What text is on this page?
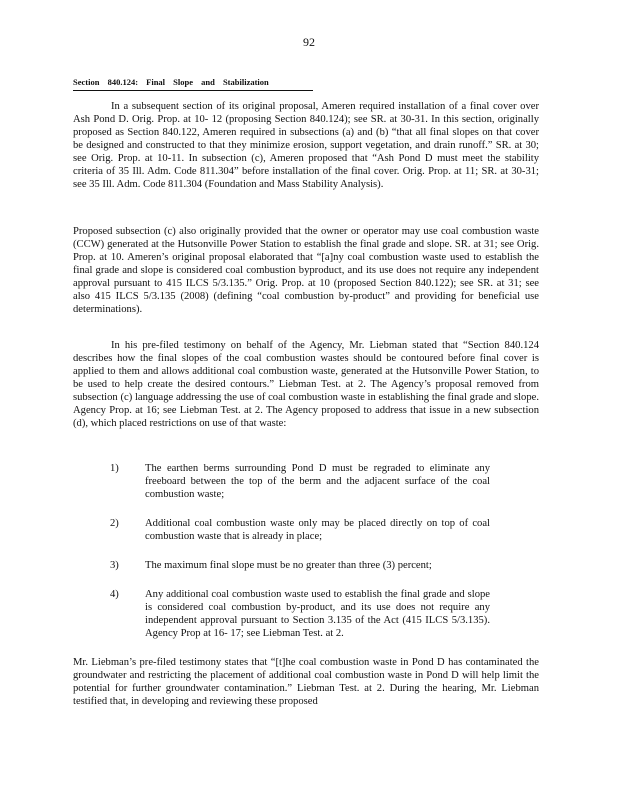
92
Section 840.124: Final Slope and Stabilization

In a subsequent section of its original proposal, Ameren required installation of a final cover over Ash Pond D. Orig. Prop. at 10- 12 (proposing Section 840.124); see SR. at 30-31. In this section, originally proposed as Section 840.122, Ameren required in subsections (a) and (b) “that all final slopes on that cover be designed and constructed to that they minimize erosion, support vegetation, and drain runoff.” SR. at 30; see Orig. Prop. at 10-11. In subsection (c), Ameren proposed that “Ash Pond D must meet the stability criteria of 35 Ill. Adm. Code 811.304” before installation of the final cover. Orig. Prop. at 11; SR. at 30-31; see 35 Ill. Adm. Code 811.304 (Foundation and Mass Stability Analysis).

Proposed subsection (c) also originally provided that the owner or operator may use coal combustion waste (CCW) generated at the Hutsonville Power Station to establish the final grade and slope. SR. at 31; see Orig. Prop. at 10. Ameren’s original proposal elaborated that “[a]ny coal combustion waste used to establish the final grade and slope is considered coal combustion byproduct, and its use does not require any independent approval pursuant to 415 ILCS 5/3.135.” Orig. Prop. at 10 (proposed Section 840.122); see SR. at 31; see also 415 ILCS 5/3.135 (2008) (defining “coal combustion by-product” and providing for beneficial use determinations).

In his pre-filed testimony on behalf of the Agency, Mr. Liebman stated that “Section 840.124 describes how the final slopes of the coal combustion wastes should be contoured before final cover is applied to them and allows additional coal combustion waste, generated at the Hutsonville Power Station, to be used to help create the desired contours.” Liebman Test. at 2. The Agency’s proposal removed from subsection (c) language addressing the use of coal combustion waste in establishing the final grade and slope. Agency Prop. at 16; see Liebman Test. at 2. The Agency proposed to address that issue in a new subsection (d), which placed restrictions on use of that waste:

1)	The earthen berms surrounding Pond D must be regraded to eliminate any freeboard between the top of the berm and the adjacent surface of the coal combustion waste;
2)	Additional coal combustion waste only may be placed directly on top of coal combustion waste that is already in place;
3)	The maximum final slope must be no greater than three (3) percent;
4)	Any additional coal combustion waste used to establish the final grade and slope is considered coal combustion by-product, and its use does not require any independent approval pursuant to Section 3.135 of the Act (415 ILCS 5/3.135). Agency Prop at 16- 17; see Liebman Test. at 2.

Mr. Liebman’s pre-filed testimony states that “[t]he coal combustion waste in Pond D has contaminated the groundwater and restricting the placement of additional coal combustion waste in Pond D will help limit the potential for further groundwater contamination.” Liebman Test. at 2. During the hearing, Mr. Liebman testified that, in developing and reviewing these proposed
